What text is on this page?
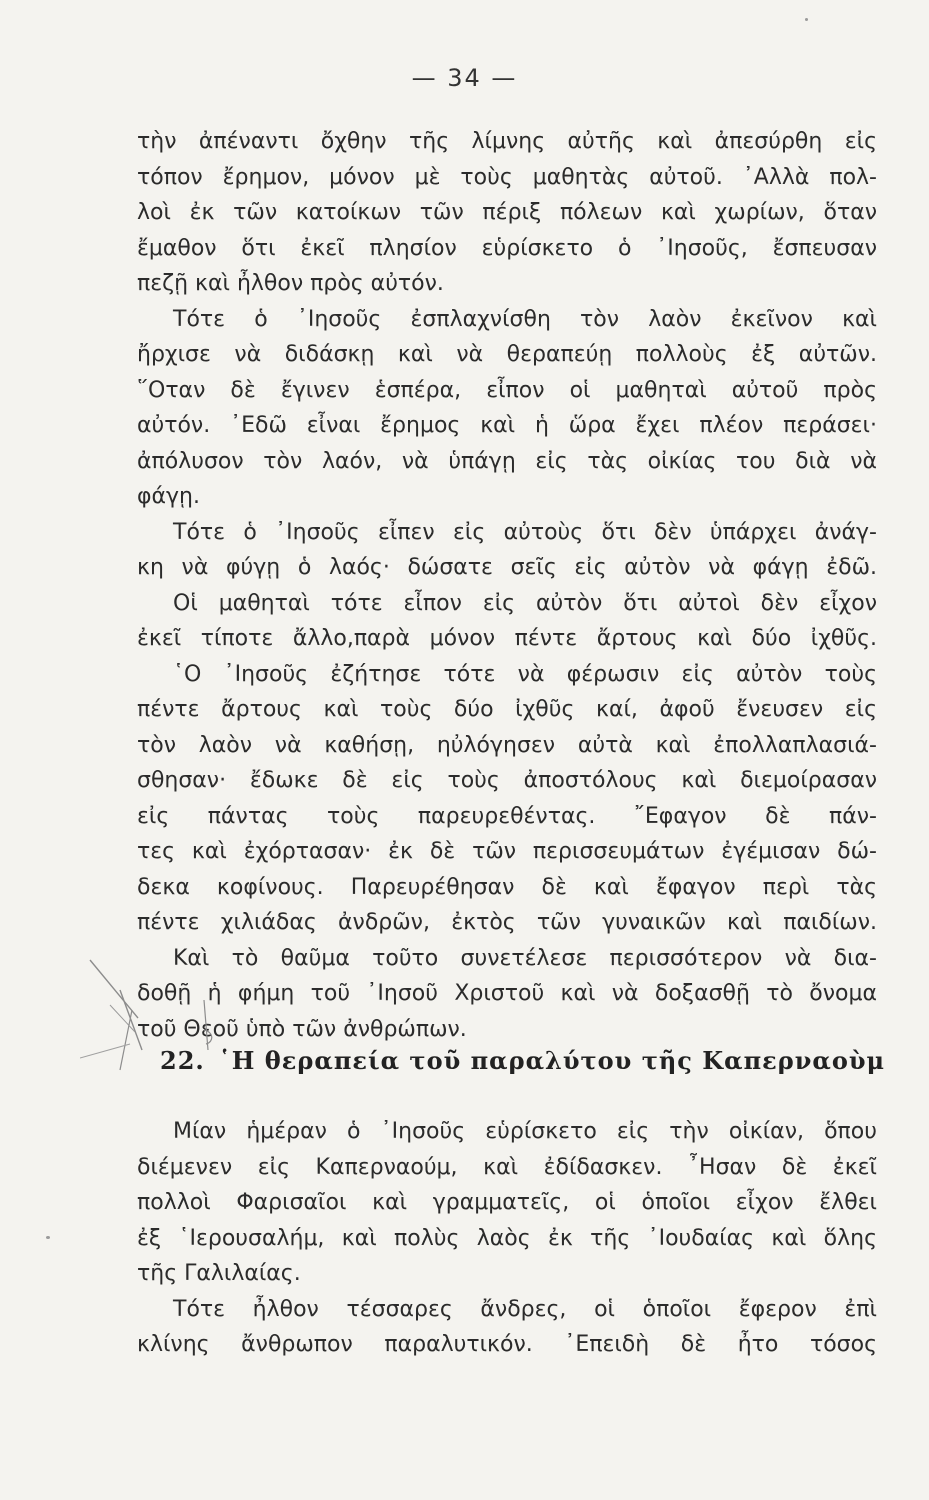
— 34 —
τὴν ἀπέναντι ὄχθην τῆς λίμνης αὐτῆς καὶ ἀπεσύρθη εἰς
τόπον ἔρημον, μόνον μὲ τοὺς μαθητὰς αὐτοῦ. ᾿Αλλὰ πολ-
λοὶ ἐκ τῶν κατοίκων τῶν πέριξ πόλεων καὶ χωρίων, ὅταν
ἔμαθον ὅτι ἐκεῖ πλησίον εὑρίσκετο ὁ ᾿Ιησοῦς, ἔσπευσαν
πεζῇ καὶ ἦλθον πρὸς αὐτόν.
Τότε ὁ ᾿Ιησοῦς ἐσπλαχνίσθη τὸν λαὸν ἐκεῖνον καὶ
ἤρχισε νὰ διδάσκῃ καὶ νὰ θεραπεύῃ πολλοὺς ἐξ αὐτῶν.
῞Οταν δὲ ἔγινεν ἑσπέρα, εἶπον οἱ μαθηταὶ αὐτοῦ πρὸς
αὐτόν. ᾿Εδῶ εἶναι ἔρημος καὶ ἡ ὥρα ἔχει πλέον περάσει·
ἀπόλυσον τὸν λαόν, νὰ ὑπάγῃ εἰς τὰς οἰκίας του διὰ νὰ
φάγῃ.
Τότε ὁ ᾿Ιησοῦς εἶπεν εἰς αὐτοὺς ὅτι δὲν ὑπάρχει ἀνάγ-
κη νὰ φύγῃ ὁ λαός· δώσατε σεῖς εἰς αὐτὸν νὰ φάγῃ ἐδῶ.
Οἱ μαθηταὶ τότε εἶπον εἰς αὐτὸν ὅτι αὐτοὶ δὲν εἶχον
ἐκεῖ τίποτε ἄλλο,παρὰ μόνον πέντε ἄρτους καὶ δύο ἰχθῦς.
῾Ο ᾿Ιησοῦς ἐζήτησε τότε νὰ φέρωσιν εἰς αὐτὸν τοὺς
πέντε ἄρτους καὶ τοὺς δύο ἰχθῦς καί, ἀφοῦ ἔνευσεν εἰς
τὸν λαὸν νὰ καθήσῃ, ηὐλόγησεν αὐτὰ καὶ ἐπολλαπλασιά-
σθησαν· ἔδωκε δὲ εἰς τοὺς ἀποστόλους καὶ διεμοίρασαν
εἰς πάντας τοὺς παρευρεθέντας. ῎Εφαγον δὲ πάν-
τες καὶ ἐχόρτασαν· ἐκ δὲ τῶν περισσευμάτων ἐγέμισαν δώ-
δεκα κοφίνους. Παρευρέθησαν δὲ καὶ ἔφαγον περὶ τὰς
πέντε χιλιάδας ἀνδρῶν, ἐκτὸς τῶν γυναικῶν καὶ παιδίων.
Καὶ τὸ θαῦμα τοῦτο συνετέλεσε περισσότερον νὰ δια-
δοθῇ ἡ φήμη τοῦ ᾿Ιησοῦ Χριστοῦ καὶ νὰ δοξασθῇ τὸ ὄνομα
τοῦ Θεοῦ ὑπὸ τῶν ἀνθρώπων.
22. ῾Η θεραπεία τοῦ παραλύτου τῆς Καπερναοὺμ
Μίαν ἡμέραν ὁ ᾿Ιησοῦς εὑρίσκετο εἰς τὴν οἰκίαν, ὅπου
διέμενεν εἰς Καπερναούμ, καὶ ἐδίδασκεν. ῏Ησαν δὲ ἐκεῖ
πολλοὶ Φαρισαῖοι καὶ γραμματεῖς, οἱ ὁποῖοι εἶχον ἔλθει
ἐξ ῾Ιερουσαλήμ, καὶ πολὺς λαὸς ἐκ τῆς ᾿Ιουδαίας καὶ ὅλης
τῆς Γαλιλαίας.
Τότε ἦλθον τέσσαρες ἄνδρες, οἱ ὁποῖοι ἔφερον ἐπὶ
κλίνης ἄνθρωπον παραλυτικόν. ᾿Επειδὴ δὲ ἦτο τόσος
